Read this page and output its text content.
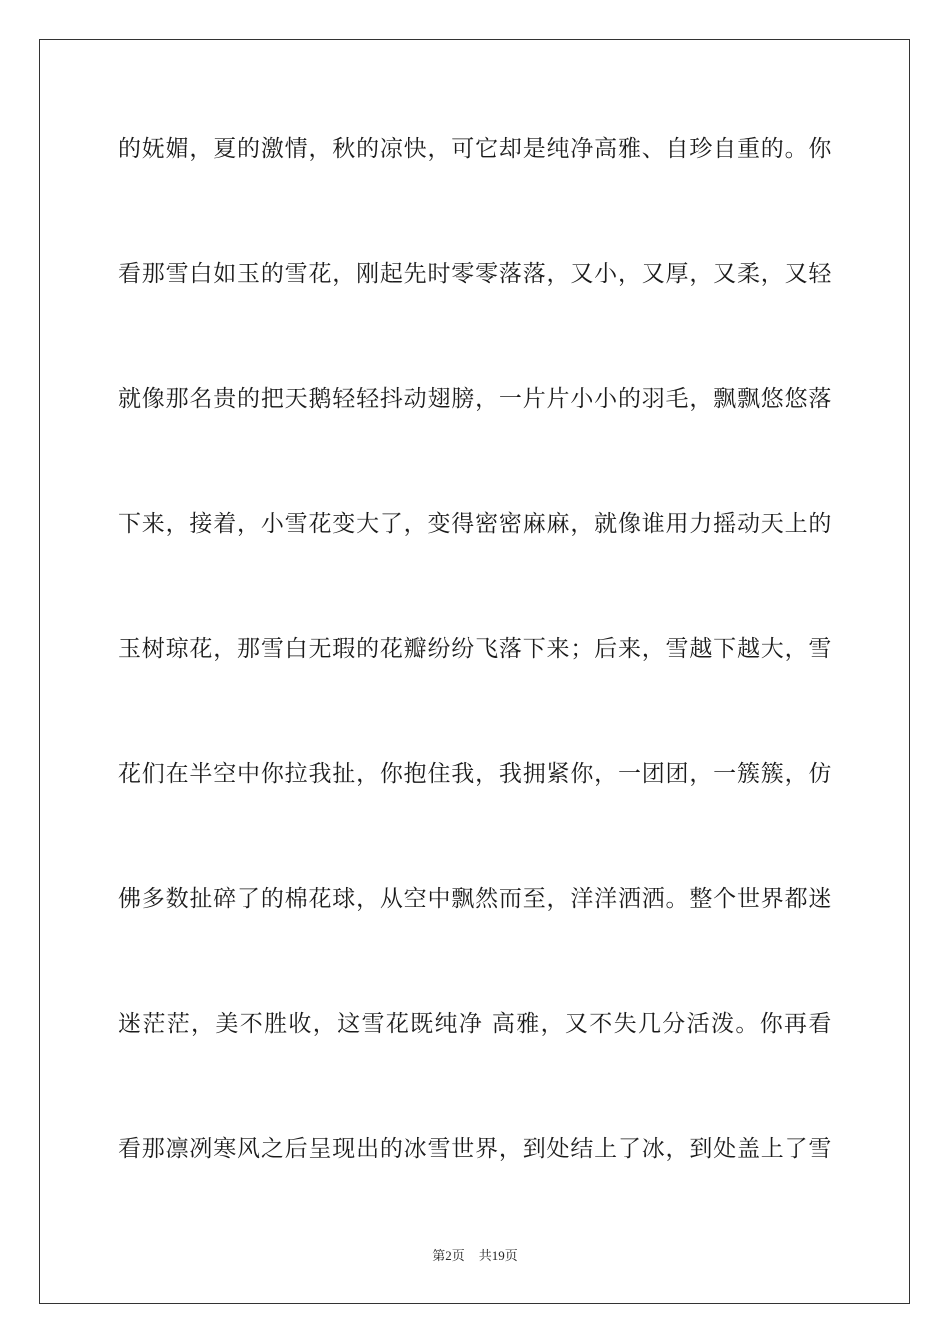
的妩媚，夏的激情，秋的凉快，可它却是纯净高雅、自珍自重的。你
看那雪白如玉的雪花，刚起先时零零落落，又小，又厚，又柔，又轻
就像那名贵的把天鹅轻轻抖动翅膀，一片片小小的羽毛，飘飘悠悠落
下来，接着，小雪花变大了，变得密密麻麻，就像谁用力摇动天上的
玉树琼花，那雪白无瑕的花瓣纷纷飞落下来；后来，雪越下越大，雪
花们在半空中你拉我扯，你抱住我，我拥紧你，一团团，一簇簇，仿
佛多数扯碎了的棉花球，从空中飘然而至，洋洋洒洒。整个世界都迷
迷茫茫，美不胜收，这雪花既纯净 高雅，又不失几分活泼。你再看
看那凛冽寒风之后呈现出的冰雪世界，到处结上了冰，到处盖上了雪
第2页 共19页
